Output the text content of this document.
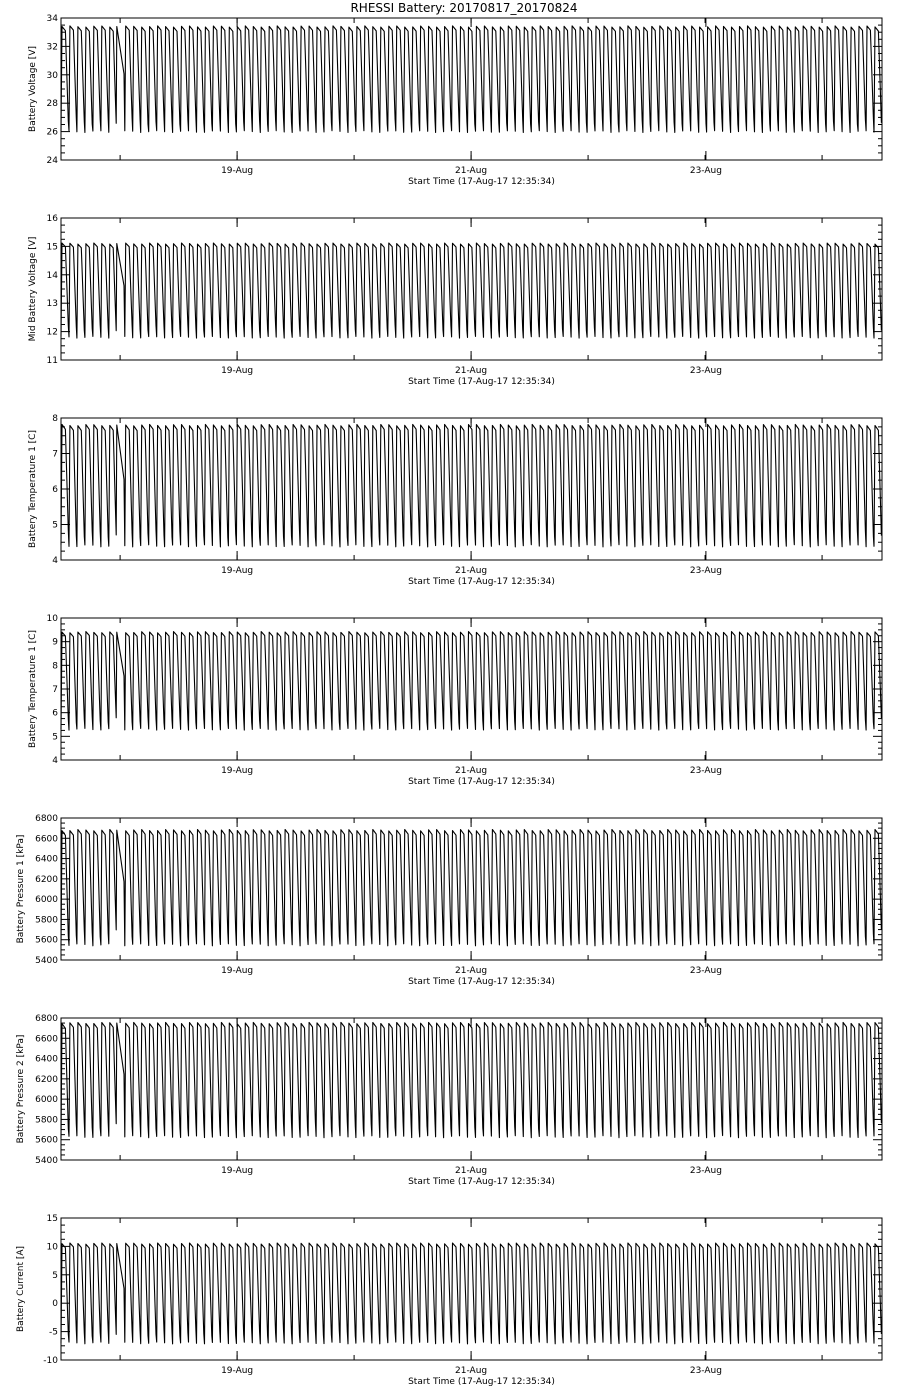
RHESSI Battery: 20170817_20170824
24
26
28
30
32
34
19-Aug	21-Aug	23-Aug
Start Time (17-Aug-17 12:35:34)
Battery Voltage [V]
11
12
13
14
15
16
19-Aug	21-Aug	23-Aug
Start Time (17-Aug-17 12:35:34)
Mid Battery Voltage [V]
4
5
6
7
8
19-Aug	21-Aug	23-Aug
Start Time (17-Aug-17 12:35:34)
Battery Temperature 1 [C]
4
5
6
7
8
9
10
19-Aug	21-Aug	23-Aug
Start Time (17-Aug-17 12:35:34)
Battery Temperature 1 [C]
5400
5600
5800
6000
6200
6400
6600
6800
19-Aug	21-Aug	23-Aug
Start Time (17-Aug-17 12:35:34)
Battery Pressure 1 [kPa]
5400
5600
5800
6000
6200
6400
6600
6800
19-Aug	21-Aug	23-Aug
Start Time (17-Aug-17 12:35:34)
Battery Pressure 2 [kPa]
-10
-5
0
5
10
15
19-Aug	21-Aug	23-Aug
Start Time (17-Aug-17 12:35:34)
Battery Current [A]
